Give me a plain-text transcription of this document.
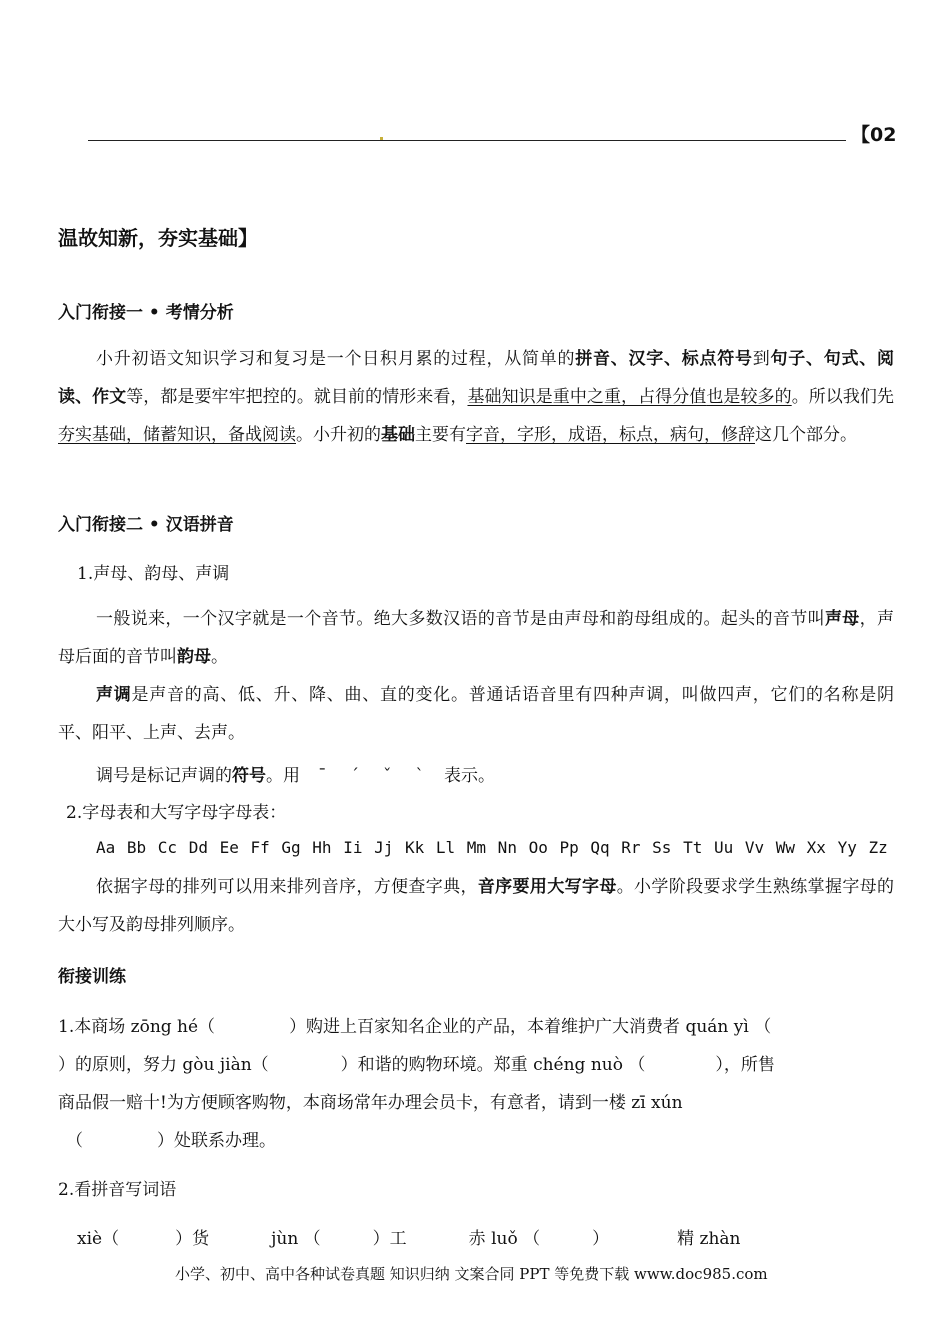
【02
温故知新，夯实基础】
入门衔接一 • 考情分析
小升初语文知识学习和复习是一个日积月累的过程，从简单的拼音、汉字、标点符号到句子、句式、阅读、作文等，都是要牢牢把控的。就目前的情形来看，基础知识是重中之重，占得分值也是较多的。所以我们先夯实基础，储蓄知识，备战阅读。小升初的基础主要有字音，字形，成语，标点，病句，修辞这几个部分。
入门衔接二 • 汉语拼音
1.声母、韵母、声调
一般说来，一个汉字就是一个音节。绝大多数汉语的音节是由声母和韵母组成的。起头的音节叫声母，声母后面的音节叫韵母。
声调是声音的高、低、升、降、曲、直的变化。普通话语音里有四种声调，叫做四声，它们的名称是阴平、阳平、上声、去声。
调号是标记声调的符号。用 ˉ ˊ ˇ ˋ 表示。
2.字母表和大写字母字母表：
Aa Bb Cc Dd Ee Ff Gg Hh Ii Jj Kk Ll Mm Nn Oo Pp Qq Rr Ss Tt Uu Vv Ww Xx Yy Zz
依据字母的排列可以用来排列音序，方便查字典，音序要用大写字母。小学阶段要求学生熟练掌握字母的大小写及韵母排列顺序。
衔接训练
1.本商场 zōng hé（	）购进上百家知名企业的产品，本着维护广大消费者 quán yì （
）的原则，努力 gòu jiàn（	）和谐的购物环境。郑重 chéng nuò （	），所售
商品假一赔十!为方便顾客购物，本商场常年办理会员卡，有意者，请到一楼 zī xún
（	）处联系办理。
2.看拼音写词语
xiè（	）货	jùn （	）工	赤 luǒ （	）	精 zhàn
小学、初中、高中各种试卷真题 知识归纳 文案合同 PPT 等免费下载 www.doc985.com
